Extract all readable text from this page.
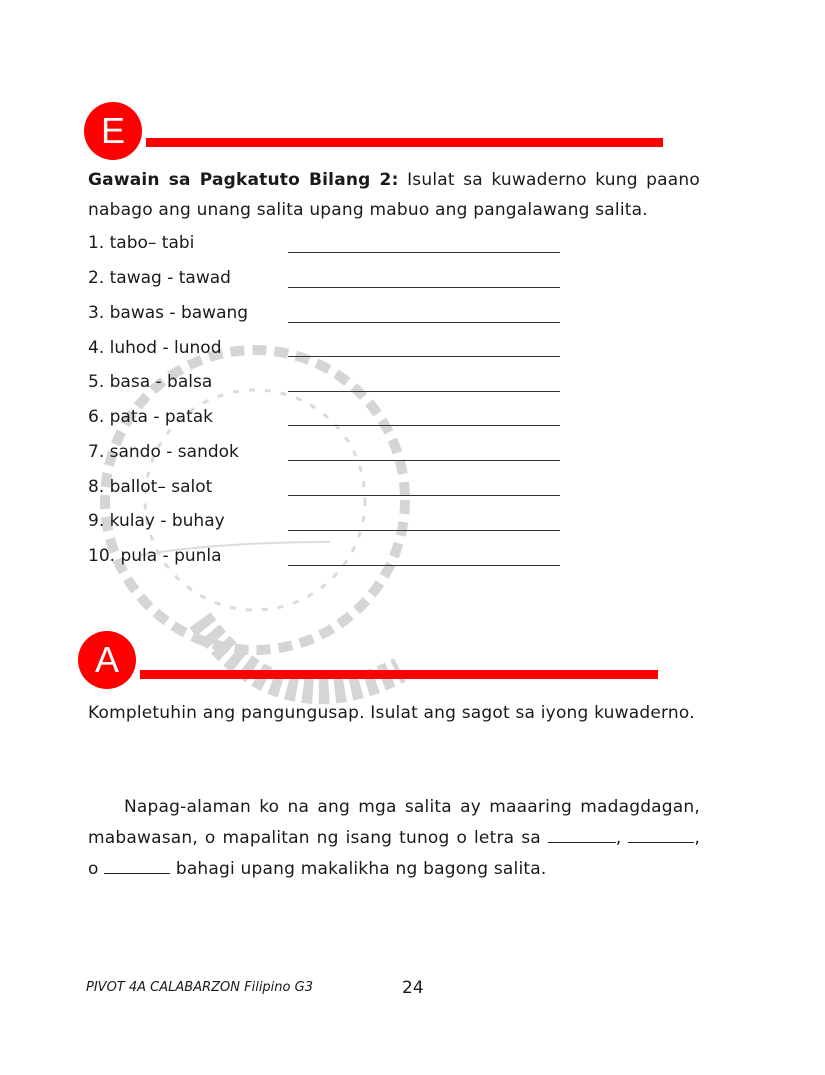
E
Gawain sa Pagkatuto Bilang 2: Isulat sa kuwaderno kung paano nabago ang unang salita upang mabuo ang pangalawang salita.
1. tabo– tabi
2. tawag - tawad
3. bawas - bawang
4. luhod - lunod
5. basa - balsa
6. pata - patak
7. sando - sandok
8. ballot– salot
9. kulay - buhay
10. pula - punla
A
Kompletuhin ang pangungusap. Isulat ang sagot sa iyong kuwaderno.
Napag-alaman ko na ang mga salita ay maaaring madagdagan, mabawasan, o mapalitan ng isang tunog o letra sa	,	, o	bahagi upang makalikha ng bagong salita.
PIVOT 4A CALABARZON Filipino G3	24
